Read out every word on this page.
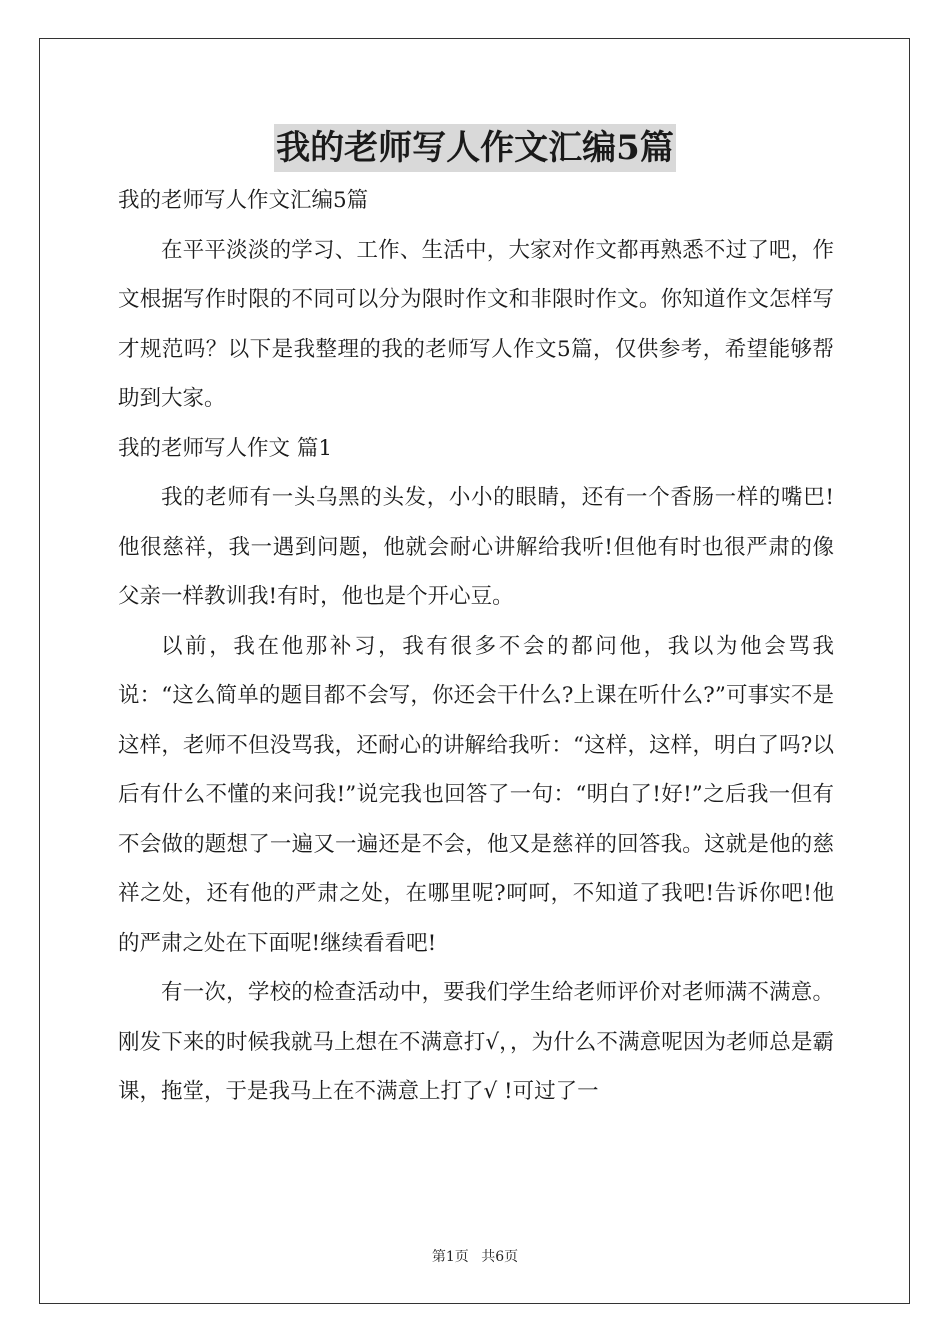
我的老师写人作文汇编5篇

我的老师写人作文汇编5篇

在平平淡淡的学习、工作、生活中，大家对作文都再熟悉不过了吧，作文根据写作时限的不同可以分为限时作文和非限时作文。你知道作文怎样写才规范吗？以下是我整理的我的老师写人作文5篇，仅供参考，希望能够帮助到大家。

我的老师写人作文 篇1

我的老师有一头乌黑的头发，小小的眼睛，还有一个香肠一样的嘴巴!他很慈祥，我一遇到问题，他就会耐心讲解给我听!但他有时也很严肃的像父亲一样教训我!有时，他也是个开心豆。

以前，我在他那补习，我有很多不会的都问他，我以为他会骂我说：“这么简单的题目都不会写，你还会干什么?上课在听什么?”可事实不是这样，老师不但没骂我，还耐心的讲解给我听：“这样，这样，明白了吗?以后有什么不懂的来问我!”说完我也回答了一句：“明白了!好!”之后我一但有不会做的题想了一遍又一遍还是不会，他又是慈祥的回答我。这就是他的慈祥之处，还有他的严肃之处，在哪里呢?呵呵，不知道了我吧!告诉你吧!他的严肃之处在下面呢!继续看看吧!

有一次，学校的检查活动中，要我们学生给老师评价对老师满不满意。刚发下来的时候我就马上想在不满意打√，，为什么不满意呢因为老师总是霸课，拖堂，于是我马上在不满意上打了√ !可过了一

第1页 共6页
